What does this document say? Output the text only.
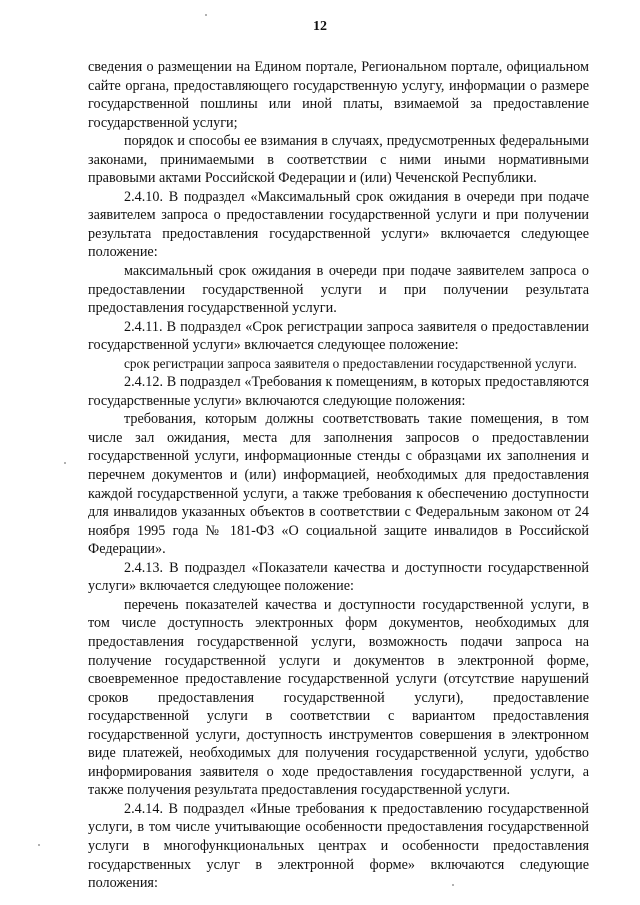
12

сведения о размещении на Едином портале, Региональном портале, официальном сайте органа, предоставляющего государственную услугу, информации о размере государственной пошлины или иной платы, взимаемой за предоставление государственной услуги;

порядок и способы ее взимания в случаях, предусмотренных федеральными законами, принимаемыми в соответствии с ними иными нормативными правовыми актами Российской Федерации и (или) Чеченской Республики.

2.4.10. В подраздел «Максимальный срок ожидания в очереди при подаче заявителем запроса о предоставлении государственной услуги и при получении результата предоставления государственной услуги» включается следующее положение:

максимальный срок ожидания в очереди при подаче заявителем запроса о предоставлении государственной услуги и при получении результата предоставления государственной услуги.

2.4.11. В подраздел «Срок регистрации запроса заявителя о предоставлении государственной услуги» включается следующее положение:

срок регистрации запроса заявителя о предоставлении государственной услуги.

2.4.12. В подраздел «Требования к помещениям, в которых предоставляются государственные услуги» включаются следующие положения:

требования, которым должны соответствовать такие помещения, в том числе зал ожидания, места для заполнения запросов о предоставлении государственной услуги, информационные стенды с образцами их заполнения и перечнем документов и (или) информацией, необходимых для предоставления каждой государственной услуги, а также требования к обеспечению доступности для инвалидов указанных объектов в соответствии с Федеральным законом от 24 ноября 1995 года № 181-ФЗ «О социальной защите инвалидов в Российской Федерации».

2.4.13. В подраздел «Показатели качества и доступности государственной услуги» включается следующее положение:

перечень показателей качества и доступности государственной услуги, в том числе доступность электронных форм документов, необходимых для предоставления государственной услуги, возможность подачи запроса на получение государственной услуги и документов в электронной форме, своевременное предоставление государственной услуги (отсутствие нарушений сроков предоставления государственной услуги), предоставление государственной услуги в соответствии с вариантом предоставления государственной услуги, доступность инструментов совершения в электронном виде платежей, необходимых для получения государственной услуги, удобство информирования заявителя о ходе предоставления государственной услуги, а также получения результата предоставления государственной услуги.

2.4.14. В подраздел «Иные требования к предоставлению государственной услуги, в том числе учитывающие особенности предоставления государственной услуги в многофункциональных центрах и особенности предоставления государственных услуг в электронной форме» включаются следующие положения:
